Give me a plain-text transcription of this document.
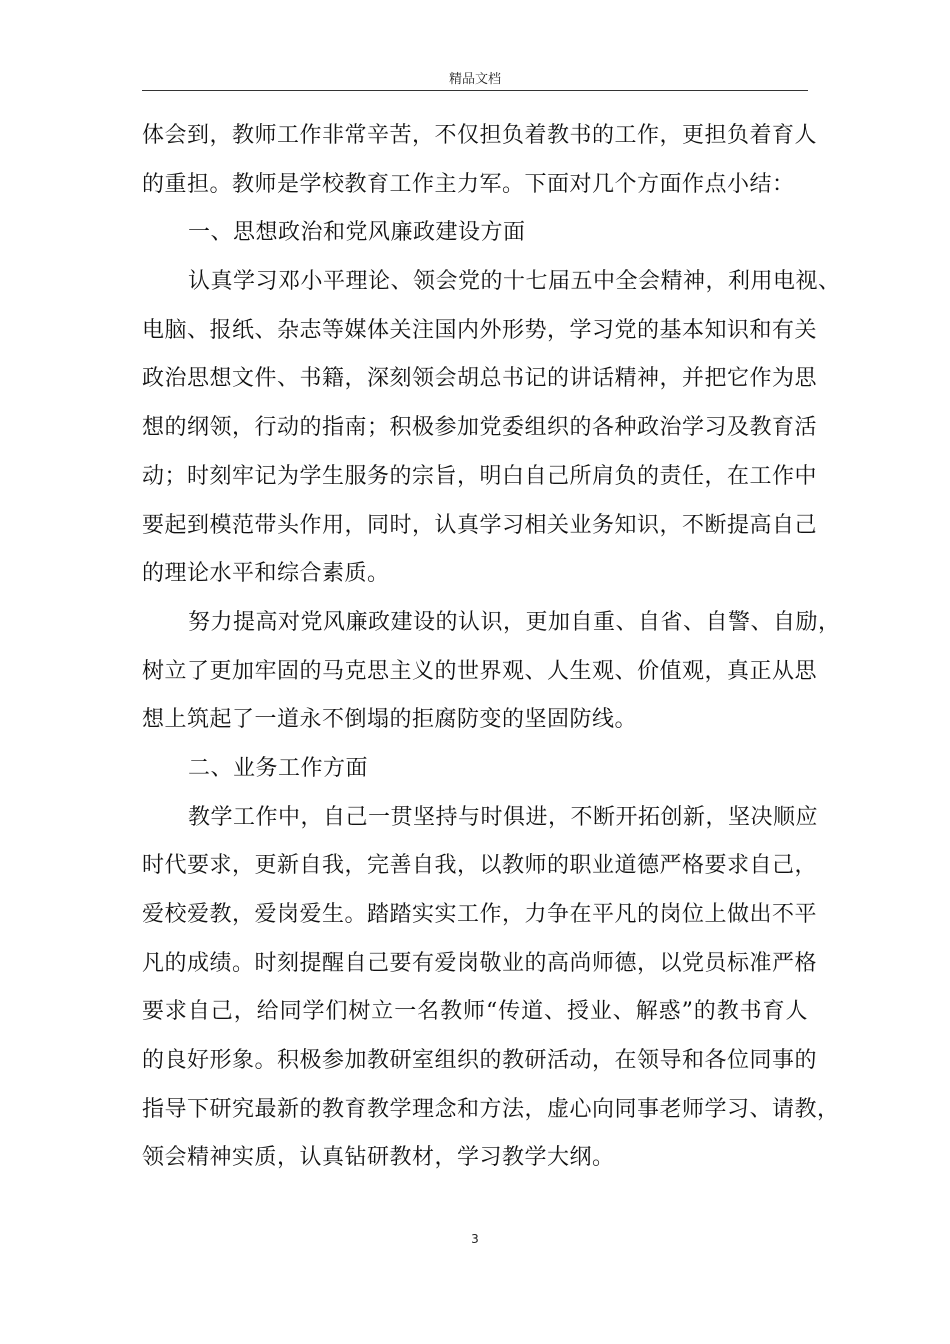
精品文档
体会到，教师工作非常辛苦，不仅担负着教书的工作，更担负着育人
的重担。教师是学校教育工作主力军。下面对几个方面作点小结：
一、思想政治和党风廉政建设方面
认真学习邓小平理论、领会党的十七届五中全会精神，利用电视、
电脑、报纸、杂志等媒体关注国内外形势，学习党的基本知识和有关
政治思想文件、书籍，深刻领会胡总书记的讲话精神，并把它作为思
想的纲领，行动的指南；积极参加党委组织的各种政治学习及教育活
动；时刻牢记为学生服务的宗旨，明白自己所肩负的责任，在工作中
要起到模范带头作用，同时，认真学习相关业务知识，不断提高自己
的理论水平和综合素质。
努力提高对党风廉政建设的认识，更加自重、自省、自警、自励，
树立了更加牢固的马克思主义的世界观、人生观、价值观，真正从思
想上筑起了一道永不倒塌的拒腐防变的坚固防线。
二、业务工作方面
教学工作中，自己一贯坚持与时俱进，不断开拓创新，坚决顺应
时代要求，更新自我，完善自我，以教师的职业道德严格要求自己，
爱校爱教，爱岗爱生。踏踏实实工作，力争在平凡的岗位上做出不平
凡的成绩。时刻提醒自己要有爱岗敬业的高尚师德，以党员标准严格
要求自己，给同学们树立一名教师“传道、授业、解惑”的教书育人
的良好形象。积极参加教研室组织的教研活动，在领导和各位同事的
指导下研究最新的教育教学理念和方法，虚心向同事老师学习、请教，
领会精神实质，认真钻研教材，学习教学大纲。
3
